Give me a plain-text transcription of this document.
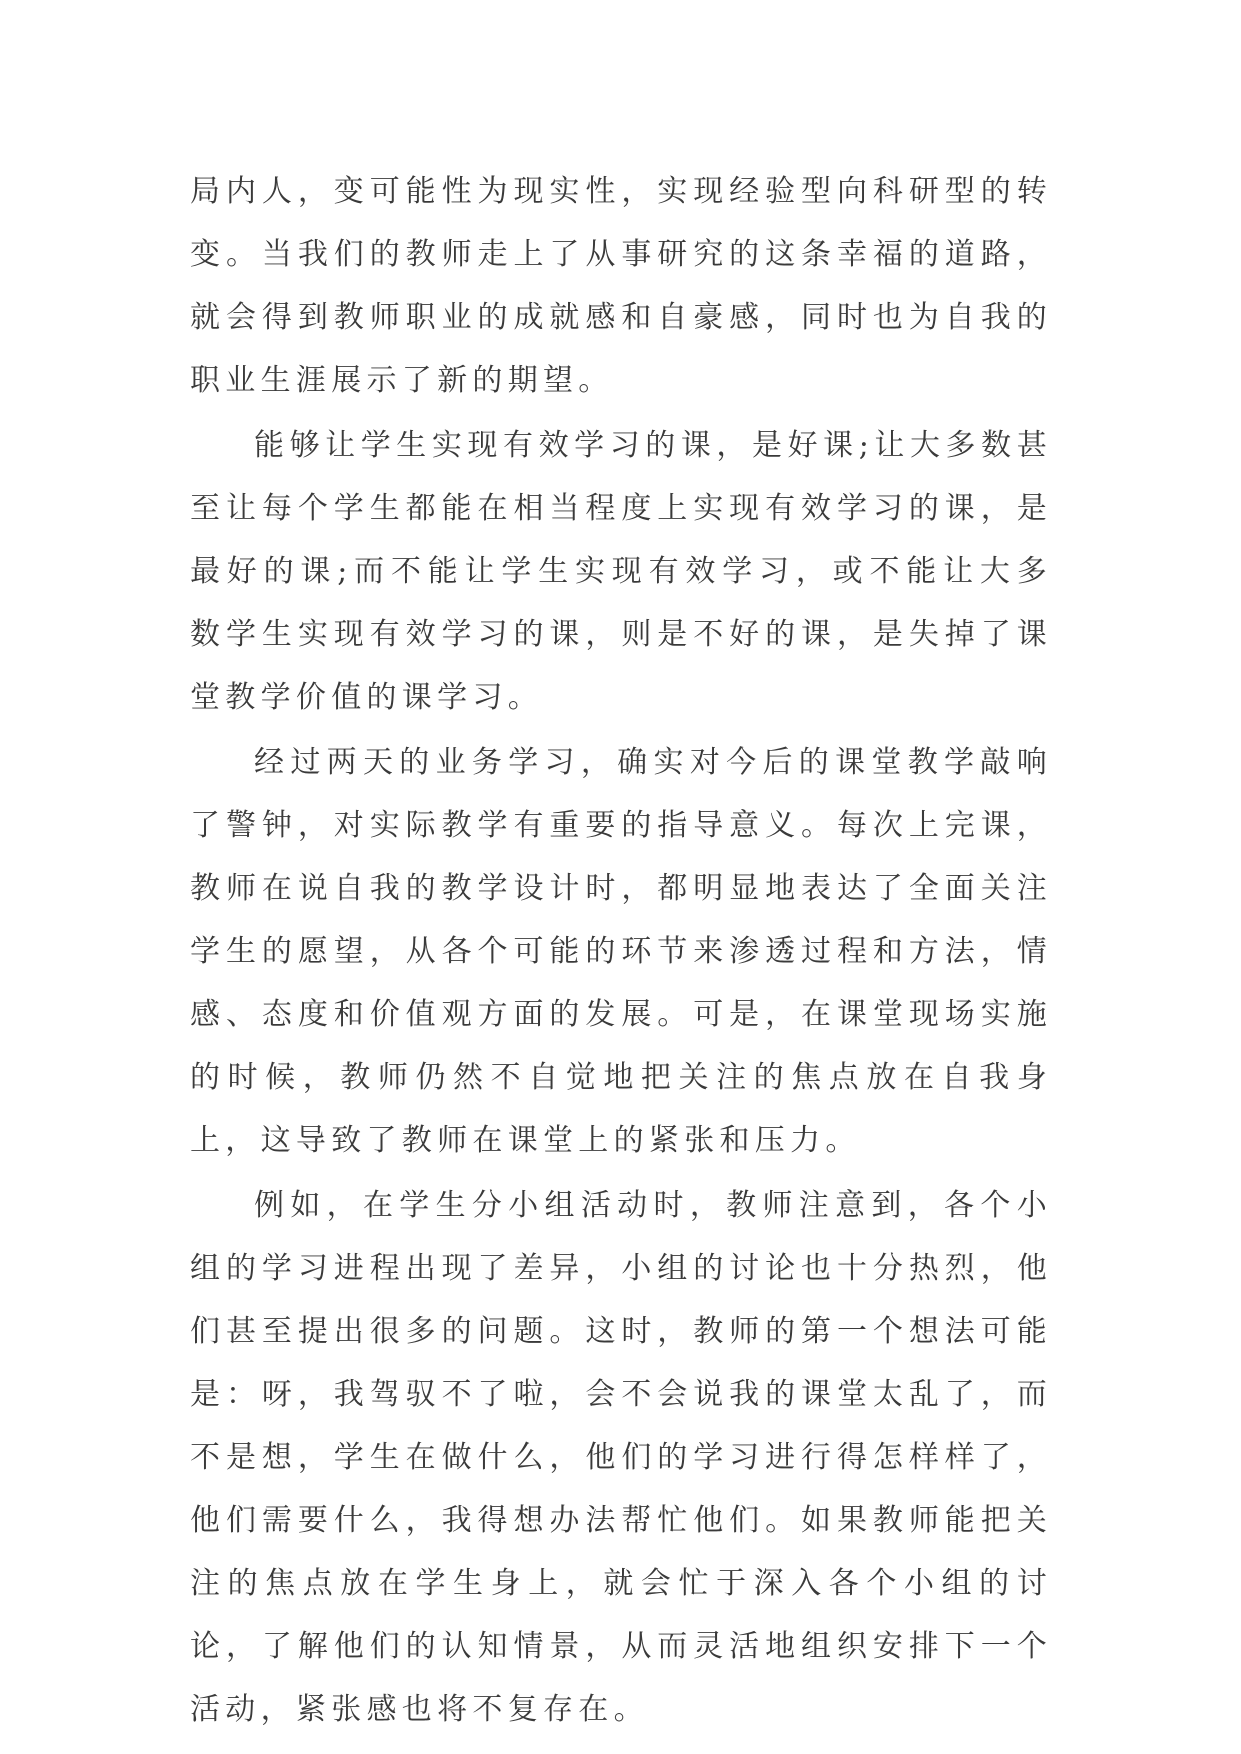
局内人，变可能性为现实性，实现经验型向科研型的转变。当我们的教师走上了从事研究的这条幸福的道路，就会得到教师职业的成就感和自豪感，同时也为自我的职业生涯展示了新的期望。

能够让学生实现有效学习的课，是好课;让大多数甚至让每个学生都能在相当程度上实现有效学习的课，是最好的课;而不能让学生实现有效学习，或不能让大多数学生实现有效学习的课，则是不好的课，是失掉了课堂教学价值的课学习。

经过两天的业务学习，确实对今后的课堂教学敲响了警钟，对实际教学有重要的指导意义。每次上完课，教师在说自我的教学设计时，都明显地表达了全面关注学生的愿望，从各个可能的环节来渗透过程和方法，情感、态度和价值观方面的发展。可是，在课堂现场实施的时候，教师仍然不自觉地把关注的焦点放在自我身上，这导致了教师在课堂上的紧张和压力。

例如，在学生分小组活动时，教师注意到，各个小组的学习进程出现了差异，小组的讨论也十分热烈，他们甚至提出很多的问题。这时，教师的第一个想法可能是：呀，我驾驭不了啦，会不会说我的课堂太乱了，而不是想，学生在做什么，他们的学习进行得怎样样了，他们需要什么，我得想办法帮忙他们。如果教师能把关注的焦点放在学生身上，就会忙于深入各个小组的讨论，了解他们的认知情景，从而灵活地组织安排下一个活动，紧张感也将不复存在。
